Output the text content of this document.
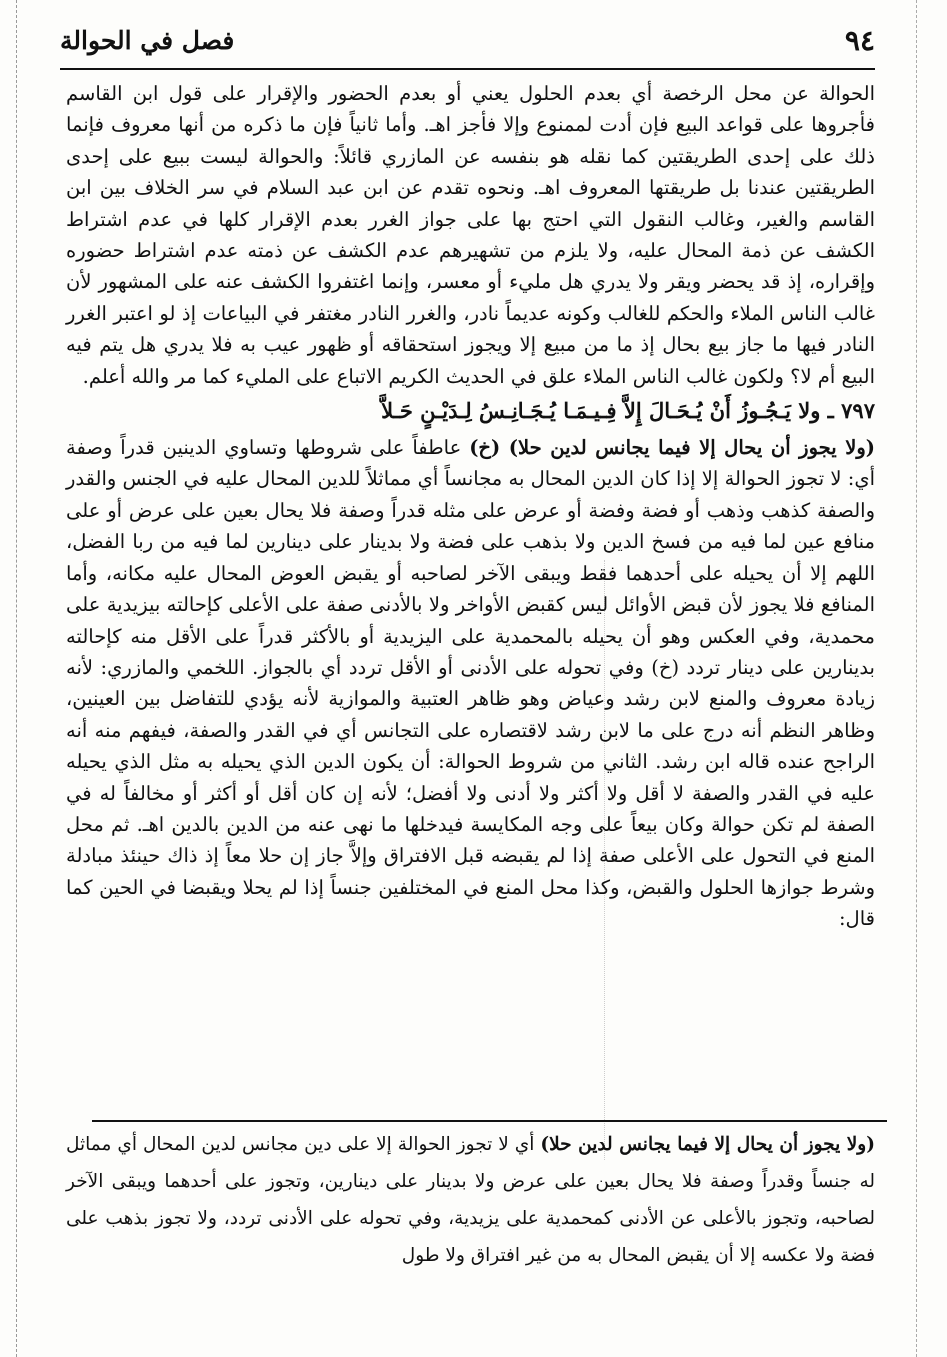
٩٤
فصل في الحوالة

الحوالة عن محل الرخصة أي بعدم الحلول يعني أو بعدم الحضور والإقرار على قول ابن القاسم فأجروها على قواعد البيع فإن أدت لممنوع وإلا فأجز اهـ. وأما ثانياً فإن ما ذكره من أنها معروف فإنما ذلك على إحدى الطريقتين كما نقله هو بنفسه عن المازري قائلاً: والحوالة ليست ببيع على إحدى الطريقتين عندنا بل طريقتها المعروف اهـ. ونحوه تقدم عن ابن عبد السلام في سر الخلاف بين ابن القاسم والغير، وغالب النقول التي احتج بها على جواز الغرر بعدم الإقرار كلها في عدم اشتراط الكشف عن ذمة المحال عليه، ولا يلزم من تشهيرهم عدم الكشف عن ذمته عدم اشتراط حضوره وإقراره، إذ قد يحضر ويقر ولا يدري هل مليء أو معسر، وإنما اغتفروا الكشف عنه على المشهور لأن غالب الناس الملاء والحكم للغالب وكونه عديماً نادر، والغرر النادر مغتفر في البياعات إذ لو اعتبر الغرر النادر فيها ما جاز بيع بحال إذ ما من مبيع إلا ويجوز استحقاقه أو ظهور عيب به فلا يدري هل يتم فيه البيع أم لا؟ ولكون غالب الناس الملاء علق في الحديث الكريم الاتباع على المليء كما مر والله أعلم.

٧٩٧ ـ ولا يَـجُـوزُ أَنْ يُـحَـالَ إِلاَّ فِـيـمَـا يُـجَـانِـسُ لِـدَيْـنٍ حَـلاَّ

(ولا يجوز أن يحال إلا فيما يجانس لدين حلا) (خ) عاطفاً على شروطها وتساوي الدينين قدراً وصفة أي: لا تجوز الحوالة إلا إذا كان الدين المحال به مجانساً أي مماثلاً للدين المحال عليه في الجنس والقدر والصفة كذهب وذهب أو فضة وفضة أو عرض على مثله قدراً وصفة فلا يحال بعين على عرض أو على منافع عين لما فيه من فسخ الدين ولا بذهب على فضة ولا بدينار على دينارين لما فيه من ربا الفضل، اللهم إلا أن يحيله على أحدهما فقط ويبقى الآخر لصاحبه أو يقبض العوض المحال عليه مكانه، وأما المنافع فلا يجوز لأن قبض الأوائل ليس كقبض الأواخر ولا بالأدنى صفة على الأعلى كإحالته بيزيدية على محمدية، وفي العكس وهو أن يحيله بالمحمدية على اليزيدية أو بالأكثر قدراً على الأقل منه كإحالته بدينارين على دينار تردد (خ) وفي تحوله على الأدنى أو الأقل تردد أي بالجواز. اللخمي والمازري: لأنه زيادة معروف والمنع لابن رشد وعياض وهو ظاهر العتبية والموازية لأنه يؤدي للتفاضل بين العينين، وظاهر النظم أنه درج على ما لابن رشد لاقتصاره على التجانس أي في القدر والصفة، فيفهم منه أنه الراجح عنده قاله ابن رشد. الثاني من شروط الحوالة: أن يكون الدين الذي يحيله به مثل الذي يحيله عليه في القدر والصفة لا أقل ولا أكثر ولا أدنى ولا أفضل؛ لأنه إن كان أقل أو أكثر أو مخالفاً له في الصفة لم تكن حوالة وكان بيعاً على وجه المكايسة فيدخلها ما نهى عنه من الدين بالدين اهـ. ثم محل المنع في التحول على الأعلى صفة إذا لم يقبضه قبل الافتراق وإلاَّ جاز إن حلا معاً إذ ذاك حينئذ مبادلة وشرط جوازها الحلول والقبض، وكذا محل المنع في المختلفين جنساً إذا لم يحلا ويقبضا في الحين كما قال:

(ولا يجوز أن يحال إلا فيما يجانس لدين حلا) أي لا تجوز الحوالة إلا على دين مجانس لدين المحال أي مماثل له جنساً وقدراً وصفة فلا يحال بعين على عرض ولا بدينار على دينارين، وتجوز على أحدهما ويبقى الآخر لصاحبه، وتجوز بالأعلى عن الأدنى كمحمدية على يزيدية، وفي تحوله على الأدنى تردد، ولا تجوز بذهب على فضة ولا عكسه إلا أن يقبض المحال به من غير افتراق ولا طول
